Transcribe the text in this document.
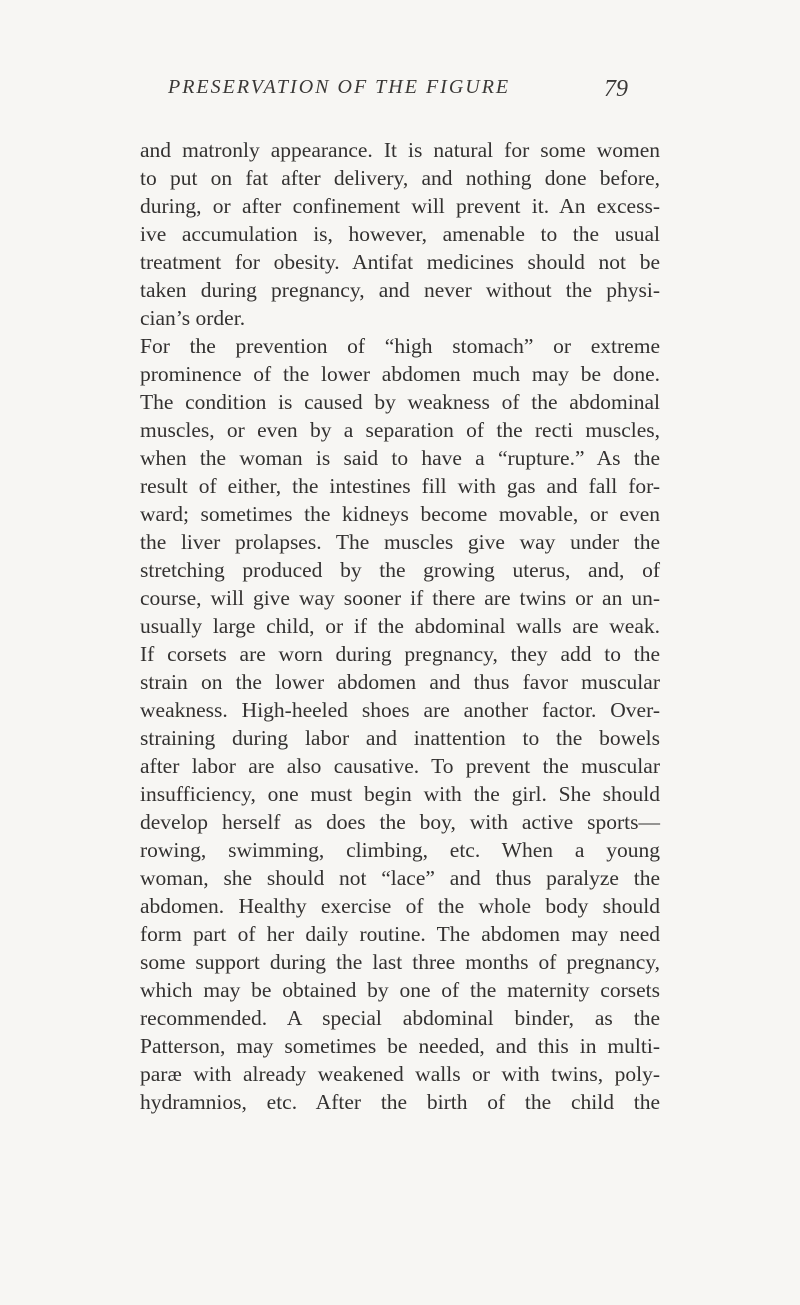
PRESERVATION OF THE FIGURE	79
and matronly appearance. It is natural for some women
to put on fat after delivery, and nothing done before,
during, or after confinement will prevent it. An excess-
ive accumulation is, however, amenable to the usual
treatment for obesity. Antifat medicines should not be
taken during pregnancy, and never without the physi-
cian’s order.
For the prevention of “high stomach” or extreme
prominence of the lower abdomen much may be done.
The condition is caused by weakness of the abdominal
muscles, or even by a separation of the recti muscles,
when the woman is said to have a “rupture.” As the
result of either, the intestines fill with gas and fall for-
ward; sometimes the kidneys become movable, or even
the liver prolapses. The muscles give way under the
stretching produced by the growing uterus, and, of
course, will give way sooner if there are twins or an un-
usually large child, or if the abdominal walls are weak.
If corsets are worn during pregnancy, they add to the
strain on the lower abdomen and thus favor muscular
weakness. High-heeled shoes are another factor. Over-
straining during labor and inattention to the bowels
after labor are also causative. To prevent the muscular
insufficiency, one must begin with the girl. She should
develop herself as does the boy, with active sports—
rowing, swimming, climbing, etc. When a young
woman, she should not “lace” and thus paralyze the
abdomen. Healthy exercise of the whole body should
form part of her daily routine. The abdomen may need
some support during the last three months of pregnancy,
which may be obtained by one of the maternity corsets
recommended. A special abdominal binder, as the
Patterson, may sometimes be needed, and this in multi-
paræ with already weakened walls or with twins, poly-
hydramnios, etc. After the birth of the child the
